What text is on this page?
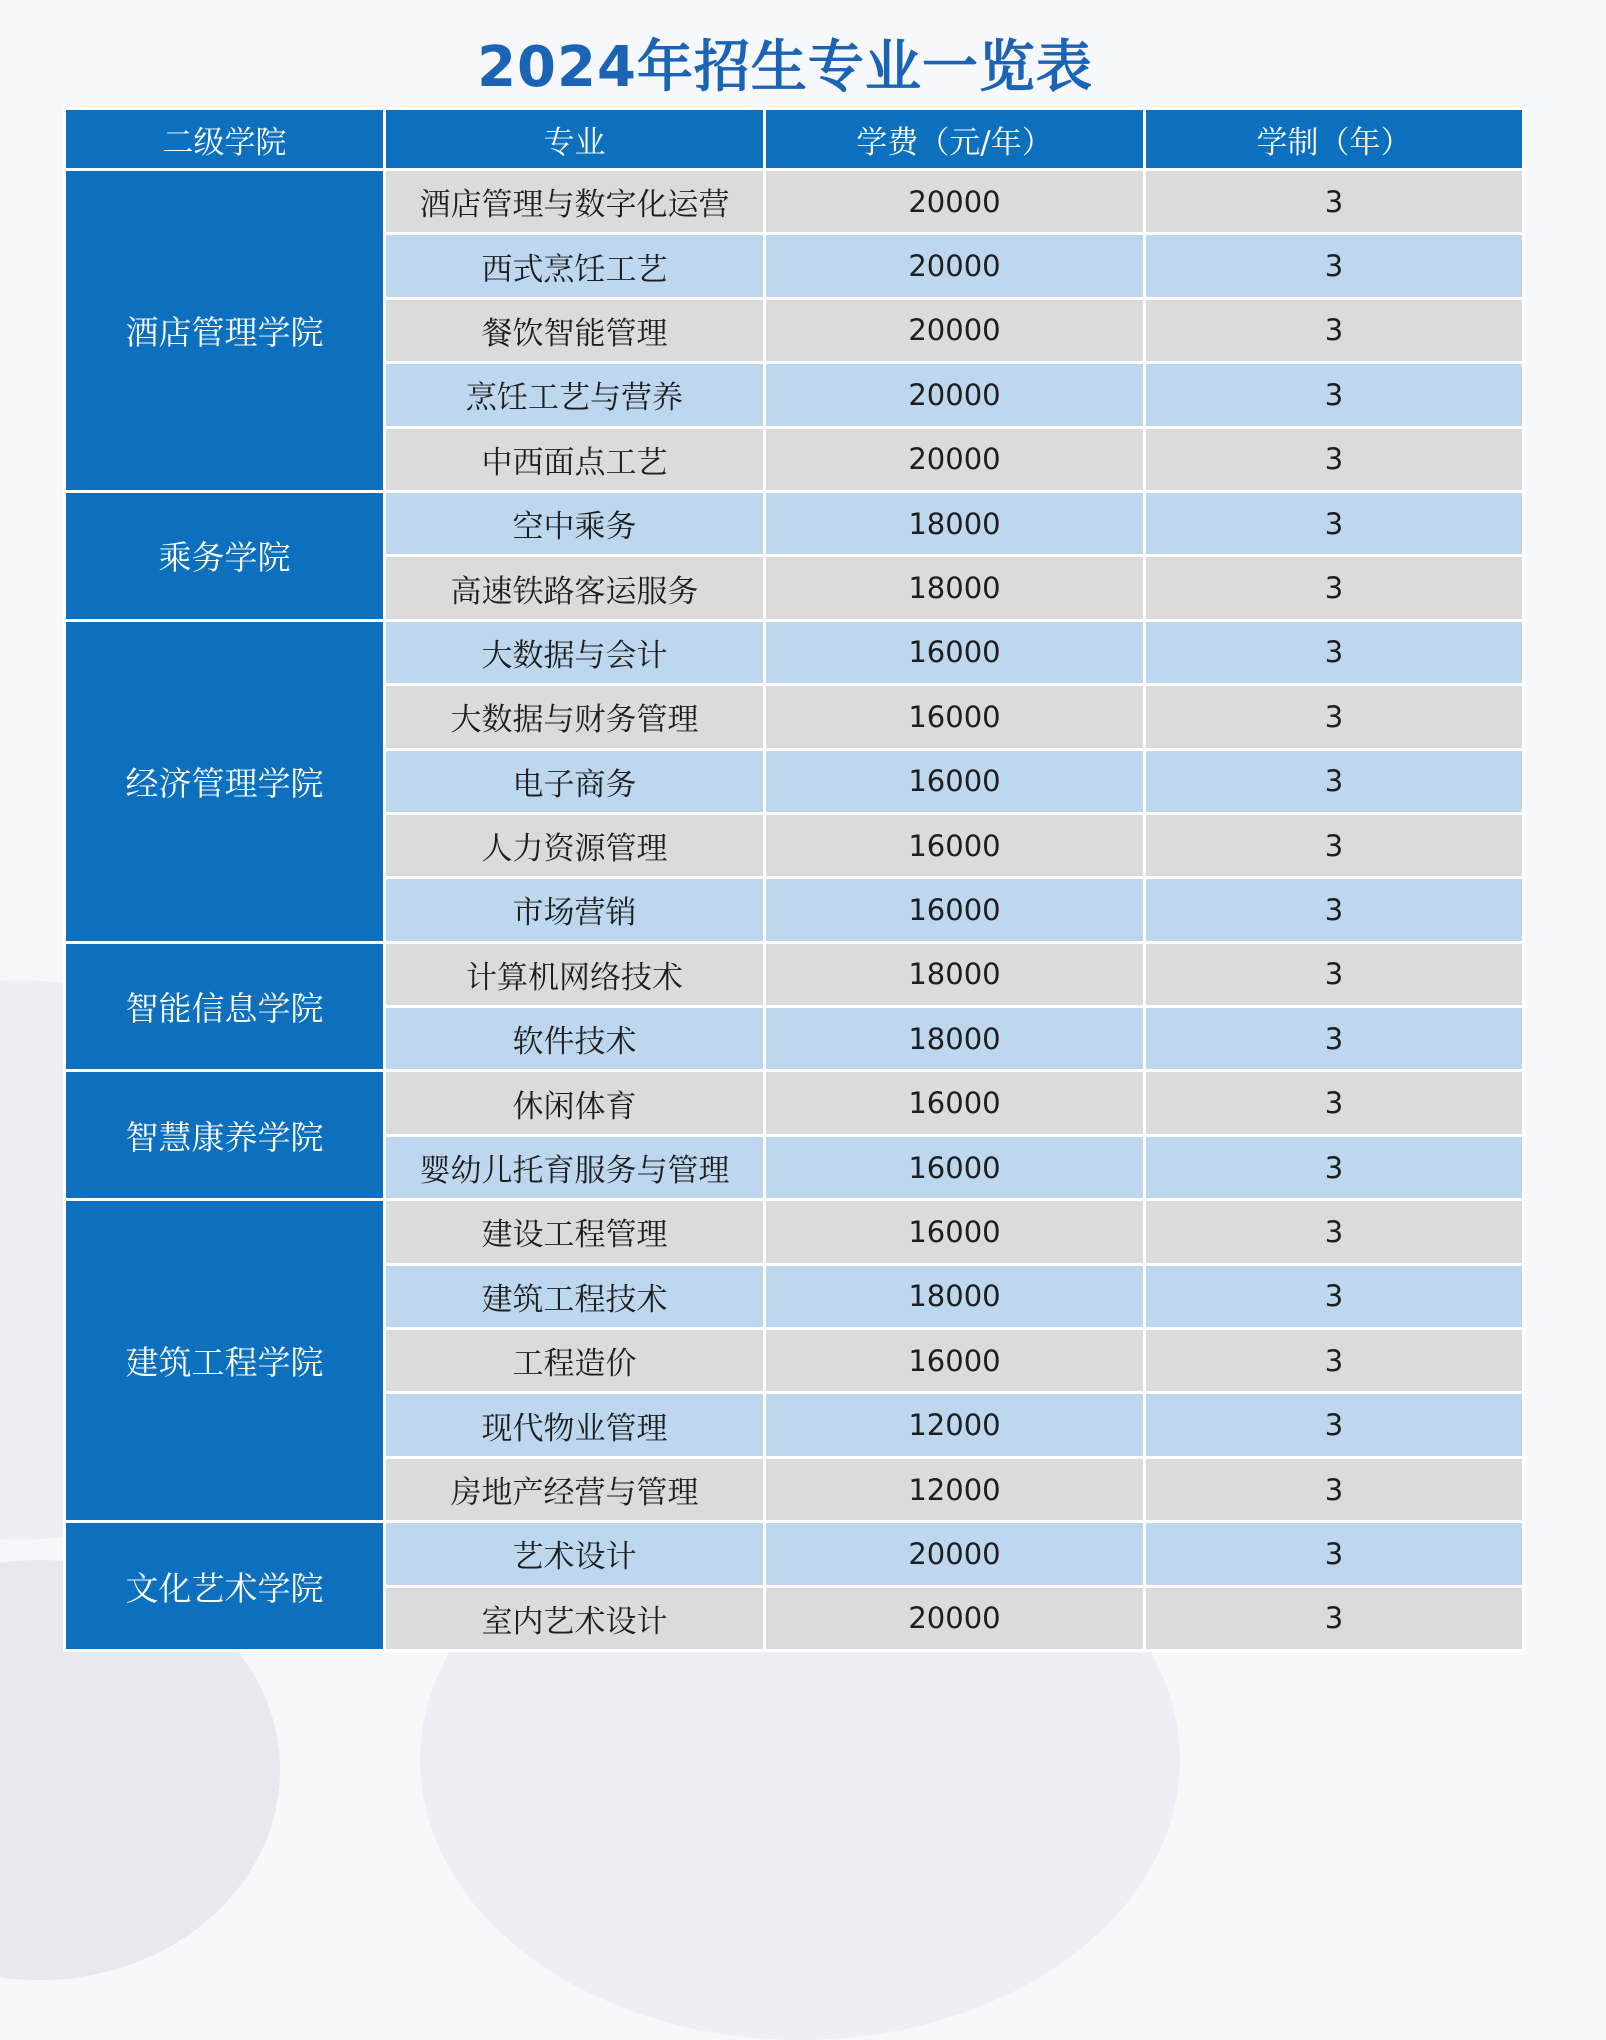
2024年招生专业一览表
二级学院	专业	学费（元/年）	学制（年）
酒店管理学院	酒店管理与数字化运营	20000	3
	西式烹饪工艺	20000	3
	餐饮智能管理	20000	3
	烹饪工艺与营养	20000	3
	中西面点工艺	20000	3
乘务学院	空中乘务	18000	3
	高速铁路客运服务	18000	3
经济管理学院	大数据与会计	16000	3
	大数据与财务管理	16000	3
	电子商务	16000	3
	人力资源管理	16000	3
	市场营销	16000	3
智能信息学院	计算机网络技术	18000	3
	软件技术	18000	3
智慧康养学院	休闲体育	16000	3
	婴幼儿托育服务与管理	16000	3
建筑工程学院	建设工程管理	16000	3
	建筑工程技术	18000	3
	工程造价	16000	3
	现代物业管理	12000	3
	房地产经营与管理	12000	3
文化艺术学院	艺术设计	20000	3
	室内艺术设计	20000	3
